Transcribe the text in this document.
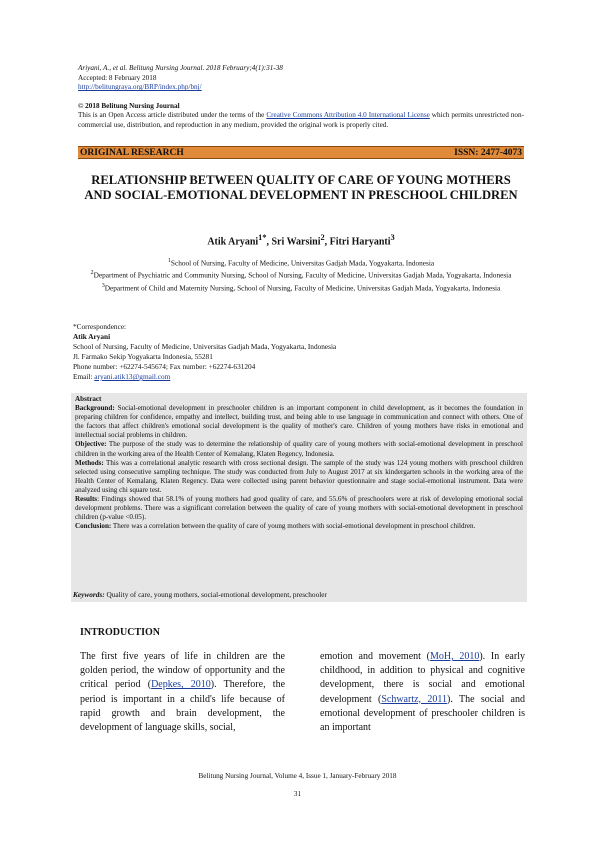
Ariyani, A., et al. Belitung Nursing Journal. 2018 February;4(1):31-38
Accepted: 8 February 2018
http://belitungraya.org/BRP/index.php/bnj/
© 2018 Belitung Nursing Journal
This is an Open Access article distributed under the terms of the Creative Commons Attribution 4.0 International License which permits unrestricted non-commercial use, distribution, and reproduction in any medium, provided the original work is properly cited.
ORIGINAL RESEARCH	ISSN: 2477-4073
RELATIONSHIP BETWEEN QUALITY OF CARE OF YOUNG MOTHERS AND SOCIAL-EMOTIONAL DEVELOPMENT IN PRESCHOOL CHILDREN
Atik Aryani$^{1*}$, Sri Warsini$^2$, Fitri Haryanti$^3$
$^1$School of Nursing, Faculty of Medicine, Universitas Gadjah Mada, Yogyakarta, Indonesia
$^2$Department of Psychiatric and Community Nursing, School of Nursing, Faculty of Medicine, Universitas Gadjah Mada, Yogyakarta, Indonesia
$^3$Department of Child and Maternity Nursing, School of Nursing, Faculty of Medicine, Universitas Gadjah Mada, Yogyakarta, Indonesia
*Correspondence:
Atik Aryani
School of Nursing, Faculty of Medicine, Universitas Gadjah Mada, Yogyakarta, Indonesia
Jl. Farmako Sekip Yogyakarta Indonesia, 55281
Phone number: +62274-545674; Fax number: +62274-631204
Email: aryani.atik13@gmail.com

Abstract

Background: Social-emotional development in preschooler children is an important component in child development, as it becomes the foundation in preparing children for confidence, empathy and intellect, building trust, and being able to use language in communication and connect with others. One of the factors that affect children's emotional social development is the quality of mother's care. Children of young mothers have risks in emotional and intellectual social problems in children.

Objective: The purpose of the study was to determine the relationship of quality care of young mothers with social-emotional development in preschool children in the working area of the Health Center of Kemalang, Klaten Regency, Indonesia.

Methods: This was a correlational analytic research with cross sectional design. The sample of the study was 124 young mothers with preschool children selected using consecutive sampling technique. The study was conducted from July to August 2017 at six kindergarten schools in the working area of the Health Center of Kemalang, Klaten Regency. Data were collected using parent behavior questionnaire and stage social-emotional instrument. Data were analyzed using chi square test.

Results: Findings showed that 58.1% of young mothers had good quality of care, and 55.6% of preschoolers were at risk of developing emotional social development problems. There was a significant correlation between the quality of care of young mothers with social-emotional development in preschool children (p-value <0.05).

Conclusion: There was a correlation between the quality of care of young mothers with social-emotional development in preschool children.

Keywords: Quality of care, young mothers, social-emotional development, preschooler
INTRODUCTION
The first five years of life in children are the golden period, the window of opportunity and the critical period (Depkes, 2010). Therefore, the period is important in a child's life because of rapid growth and brain development, the development of language skills, social,
emotion and movement (MoH, 2010). In early childhood, in addition to physical and cognitive development, there is social and emotional development (Schwartz, 2011). The social and emotional development of preschooler children is an important
Belitung Nursing Journal, Volume 4, Issue 1, January-February 2018
31
